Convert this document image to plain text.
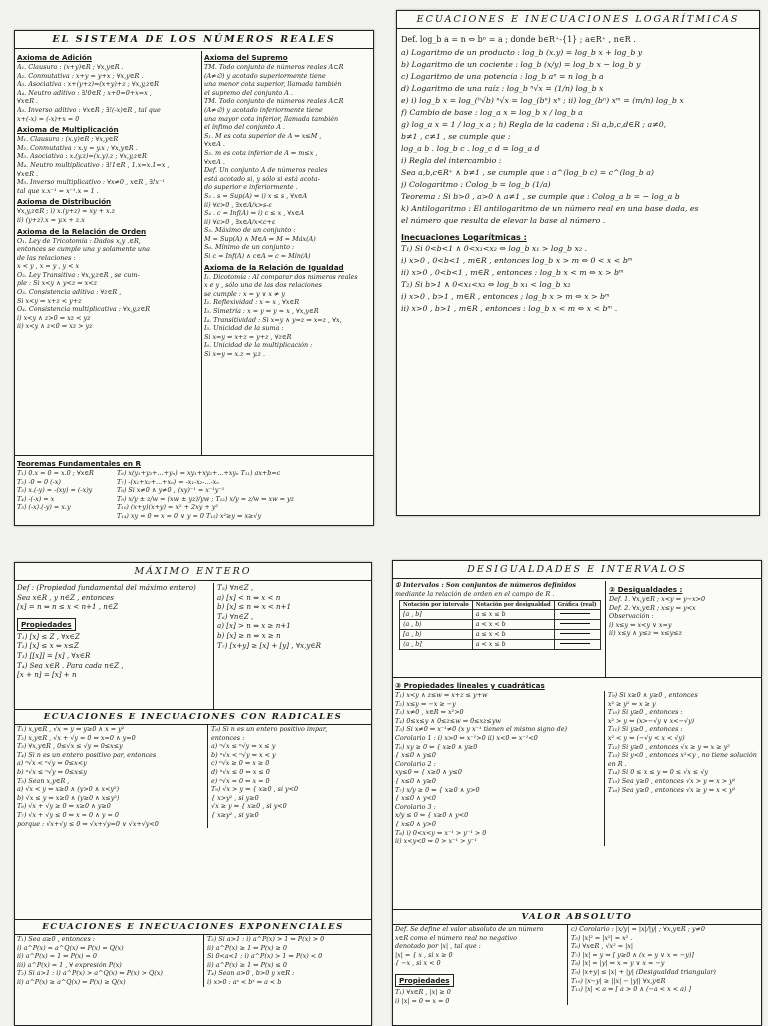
EL SISTEMA DE LOS NÚMEROS REALES
Axioma de Adición
A₁. Clausura : (x+y)∈R ; ∀x,y∈R .
A₂. Conmutativa : x+y = y+x ; ∀x,y∈R .
A₃. Asociativa : x+(y+z)=(x+y)+z ; ∀x,y,z∈R
A₄. Neutro aditivo : ∃!0∈R ; x+0=0+x=x ,
∀x∈R .
A₅. Inverso aditivo : ∀x∈R ; ∃!(-x)∈R , tal que
x+(-x) = (-x)+x = 0
Axioma de Multiplicación
M₁. Clausura : (x.y)∈R ; ∀x,y∈R
M₂. Conmutativa : x.y = y.x ; ∀x,y∈R .
M₃. Asociativa : x.(y.z)=(x.y).z ; ∀x,y,z∈R
M₄. Neutro multiplicativo : ∃!1∈R , 1.x=x.1=x ,
∀x∈R .
M₅. Inverso multiplicativo : ∀x≠0 , x∈R , ∃!x⁻¹
tal que x.x⁻¹ = x⁻¹.x = 1 .
Axioma de Distribución
∀x,y,z∈R ; i) x.(y+z) = xy + x.z
ii) (y+z).x = y.x + z.x
Axioma de la Relación de Orden
O₁. Ley de Tricotomía : Dados x,y .∈R,
entonces se cumple una y solamente una
de las relaciones :
x < y , x = y , y < x
O₂. Ley Transitiva : ∀x,y,z∈R , se cum-
ple : Si x<y ∧ y<z ⇒ x<z
O₃. Consistencia aditiva : ∀z∈R ,
Si x<y ⇒ x+z < y+z
O₄. Consistencia multiplicativa : ∀x,y,z∈R
i) x<y ∧ z>0 ⇒ xz < yz
ii) x<y ∧ z<0 ⇒ xz > yz
Axioma del Supremo
TM. Todo conjunto de números reales A⊂R
(A≠∅) y acotado superiormente tiene
una menor cota superior, llamada también
el supremo del conjunto A .
TM. Todo conjunto de números reales A⊂R
(A≠∅) y acotado inferiormente tiene
una mayor cota inferior, llamada también
el ínfimo del conjunto A .
S₁. M es cota superior de A ⇔ x≤M ,
∀x∈A .
S₂. m es cota inferior de A ⇔ m≤x ,
∀x∈A .
Def. Un conjunto A de números reales
está acotado si, y sólo si está acota-
do superior e inferiormente .
S₃ . s = Sup(A) ⇔ i) x ≤ s , ∀x∈A
ii) ∀ε>0 , ∃x∈A/x>s-ε
S₄ . c = Inf(A) ⇔ i) c ≤ x , ∀x∈A
ii) ∀ε>0 , ∃x∈A/x<c+ε
S₅. Máximo de un conjunto :
M = Sup(A) ∧ M∈A ⇒ M = Máx(A)
S₆. Mínimo de un conjunto :
Si c = Inf(A) ∧ c∈A ⇒ c = Mín(A)
Axioma de la Relación de Igualdad
I₁. Dicotomía : Al comparar dos números reales
x e y , sólo una de las dos relaciones
se cumple : x = y ∨ x ≠ y
I₂. Reflexividad : x = x , ∀x∈R
I₃. Simetría : x = y ⇔ y = x , ∀x,y∈R
I₄. Transitividad : Si x=y ∧ y=z ⇒ x=z , ∀x,
I₅. Unicidad de la suma :
Si x=y ⇒ x+z = y+z , ∀z∈R
I₆. Unicidad de la multiplicación :
Si x=y ⇒ x.z = y.z .
Teoremas Fundamentales en R
T₁) 0.x = 0 = x.0 ; ∀x∈R
T₂) -0 = 0 (-x)
T₃) x.(-y) = -(xy) = (-x)y
T₄) -(-x) = x
T₅) (-x).(-y) = x.y
T₆) x(y₁+y₂+...+yₙ) = xy₁+xy₂+...+xyₙ T₁₁) ax+b=c
T₇) -(x₁+x₂+...+xₙ) = -x₁-x₂-...-xₙ
T₈) Si x≠0 ∧ y≠0 , (xy)⁻¹ = x⁻¹y⁻¹
T₉) x/y ± z/w = (xw ± yz)/yw ; T₁₂) x/y = z/w ⇔ xw = yz
T₁₀) (x+y)(x+y) = x² + 2xy + y²
T₁₄) xy = 0 ⇔ x = 0 ∨ y = 0 T₁₅) x²≥y ⇔ x≥√y
ECUACIONES E INECUACIONES LOGARÍTMICAS
Def. log_b a = n ⇔ bⁿ = a ; donde b∈R⁺-{1} ; a∈R⁺ , n∈R .
a) Logaritmo de un producto : log_b (x.y) = log_b x + log_b y
b) Logaritmo de un cociente : log_b (x/y) = log_b x − log_b y
c) Logaritmo de una potencia : log_b aⁿ = n log_b a
d) Logaritmo de una raíz : log_b ⁿ√x = (1/n) log_b x
e) i) log_b x = log_(ⁿ√b) ⁿ√x = log_(bⁿ) xⁿ ; ii) log_(bⁿ) xᵐ = (m/n) log_b x
f) Cambio de base : log_a x = log_b x / log_b a
g) log_a x = 1 / log_x a ; h) Regla de la cadena : Si a,b,c,d∈R ; a≠0,
b≠1 , c≠1 , se cumple que :
log_a b . log_b c . log_c d = log_a d
i) Regla del intercambio :
Sea a,b,c∈R⁺ ∧ b≠1 , se cumple que : a^(log_b c) = c^(log_b a)
j) Cologaritmo : Colog_b = log_b (1/a)
Teorema : Si b>0 , a>0 ∧ a≠1 , se cumple que : Colog_a b = − log_a b
k) Antilogaritmo : El antilogaritmo de un número real en una base dada, es
el número que resulta de elevar la base al número .
Inecuaciones Logarítmicas :
T₁) Si 0<b<1 ∧ 0<x₁<x₂ ⇔ log_b x₁ > log_b x₂ .
i) x>0 , 0<b<1 , m∈R , entonces log_b x > m ⇔ 0 < x < bᵐ
ii) x>0 , 0<b<1 , m∈R , entonces : log_b x < m ⇔ x > bᵐ
T₂) Si b>1 ∧ 0<x₁<x₂ ⇔ log_b x₁ < log_b x₂
i) x>0 , b>1 , m∈R , entonces ; log_b x > m ⇔ x > bᵐ
ii) x>0 , b>1 , m∈R , entonces : log_b x < m ⇔ x < bᵐ .
MÁXIMO ENTERO
Def : (Propiedad fundamental del máximo entero)
Sea x∈R , y n∈Z , entonces
[x] = n ⇔ n ≤ x < n+1 , n∈Z
Propiedades
T₁) [x] ≤ Z , ∀x∈Z
T₂) [x] ≤ x ⇔ x≤Z
T₃) [[x]] = [x] , ∀x∈R
T₄) Sea x∈R . Para cada n∈Z ,
[x + n] = [x] + n
T₅) ∀n∈Z ,
a) [x] < n ⇔ x < n
b) [x] ≤ n ⇔ x < n+1
T₆) ∀n∈Z ,
a) [x] > n ⇔ x ≥ n+1
b) [x] ≥ n ⇔ x ≥ n
T₇) [x+y] ≥ [x] + [y] , ∀x,y∈R
ECUACIONES E INECUACIONES CON RADICALES
T₁) x,y∈R , √x = y ⇔ y≥0 ∧ x = y²
T₂) x,y∈R , √x + √y = 0 ⇔ x=0 ∧ y=0
T₃) ∀x,y∈R , 0≤√x ≤ √y ⇔ 0≤x≤y
T₄) Si n es un entero positivo par, entonces
a) ⁿ√x < ⁿ√y ⇔ 0≤x<y
b) ⁿ√x ≤ ⁿ√y ⇔ 0≤x≤y
T₅) Sean x,y∈R ,
a) √x < y ⇔ x≥0 ∧ (y>0 ∧ x<y²)
b) √x ≤ y ⇔ x≥0 ∧ (y≥0 ∧ x≤y²)
T₆) √x + √y ≥ 0 ⇔ x≥0 ∧ y≥0
T₇) √x + √y ≤ 0 ⇔ x = 0 ∧ y = 0
porque : √x+√y ≤ 0 ⇔ √x+√y=0 ∨ √x+√y<0
T₈) Si n es un entero positivo impar,
entonces :
a) ⁿ√x ≤ ⁿ√y ⇔ x ≤ y
b) ⁿ√x < ⁿ√y ⇔ x < y
c) ⁿ√x ≥ 0 ⇔ x ≥ 0
d) ⁿ√x ≤ 0 ⇔ x ≤ 0
e) ⁿ√x = 0 ⇔ x = 0
T₉) √x > y ⇔ { x≥0 , si y<0
{ x>y² , si y≥0
√x ≥ y ⇔ { x≥0 , si y<0
{ x≥y² , si y≥0
ECUACIONES E INECUACIONES EXPONENCIALES
T₁) Sea a≥0 , entonces :
i) a^P(x) = a^Q(x) ⇔ P(x) = Q(x)
ii) a^P(x) = 1 ⇔ P(x) = 0
iii) a^P(x) = 1 , ∀ expresión P(x)
T₂) Si a>1 : i) a^P(x) > a^Q(x) ⇔ P(x) > Q(x)
ii) a^P(x) ≥ a^Q(x) ⇔ P(x) ≥ Q(x)
T₃) Si a>1 : i) a^P(x) > 1 ⇔ P(x) > 0
ii) a^P(x) ≥ 1 ⇔ P(x) ≥ 0
Si 0<a<1 : i) a^P(x) > 1 ⇔ P(x) < 0
ii) a^P(x) ≥ 1 ⇔ P(x) ≤ 0
T₄) Sean a>0 , b>0 y x∈R :
i) x>0 : aˣ < bˣ ⇔ a < b
DESIGUALDADES E INTERVALOS
① Intervalos : Son conjuntos de números definidos
mediante la relación de orden en el campo de R .
Notación por intervalo	Notación por desigualdad	Gráfica (real)
[a , b]	a ≤ x ≤ b	
⟨a , b⟩	a < x < b	
[a , b⟩	a ≤ x < b	
⟨a , b]	a < x ≤ b	
② Desigualdades :
Def. 1. ∀x,y∈R ; x<y ⇔ y−x>0
Def. 2. ∀x,y∈R ; x≤y ⇔ y<x
Observación :
i) x≤y ⇔ x<y ∨ x=y
ii) x≤y ∧ y≤z ⇔ x≤y≤z
③ Propiedades lineales y cuadráticas
T₁) x<y ∧ z≤w ⇒ x+z ≤ y+w
T₂) x≤y ⇔ −x ≥ −y
T₃) x≠0 , x∈R ⇔ x²>0
T₄) 0≤x≤y ∧ 0≤z≤w ⇒ 0≤xz≤yw
T₅) Si x≠0 ⇔ x⁻¹≠0 (x y x⁻¹ tienen el mismo signo de)
Corolario 1 : i) x>0 ⇔ x⁻¹>0 ii) x<0 ⇔ x⁻¹<0
T₆) xy ≥ 0 ⇔ { x≥0 ∧ y≥0
{ x≤0 ∧ y≤0
Corolario 2 :
xy≤0 ⇔ { x≥0 ∧ y≤0
{ x≤0 ∧ y≥0
T₇) x/y ≥ 0 ⇔ { x≥0 ∧ y>0
{ x≤0 ∧ y<0
Corolario 3 :
x/y ≤ 0 ⇔ { x≥0 ∧ y<0
{ x≤0 ∧ y>0
T₈) i) 0<x<y ⇔ x⁻¹ > y⁻¹ > 0
ii) x<y<0 ⇔ 0 > x⁻¹ > y⁻¹
T₉) Si x≥0 ∧ y≥0 , entonces
x² ≥ y² ⇔ x ≥ y
T₁₀) Si y≥0 , entonces :
x² > y ⇔ (x>−√y ∨ x<−√y)
T₁₁) Si y≥0 , entonces :
x² < y ⇔ (−√y < x < √y)
T₁₂) Si y≥0 , entonces √x ≥ y ⇔ x ≥ y²
T₁₃) Si y<0 , entonces x²<y , no tiene solución
en R .
T₁₄) Si 0 ≤ x ≤ y ⇔ 0 ≤ √x ≤ √y
T₁₅) Sea y≥0 , entonces √x > y ⇔ x > y²
T₁₆) Sea y≥0 , entonces √x ≥ y ⇔ x < y²
VALOR ABSOLUTO
Def. Se define el valor absoluto de un número
x∈R como el número real no negativo
denotado por |x| , tal que :
|x| = { x , si x ≥ 0
{ −x , si x < 0
Propiedades
T₁) ∀x∈R , |x| ≥ 0
i) |x| = 0 ⇔ x = 0
c) Corolario : |x/y| = |x|/|y| ; ∀x,y∈R ; y≠0
T₅) |x|² = |x²| = x² .
T₆) ∀x∈R , √x² = |x|
T₇) |x| = y ⇔ [ y≥0 ∧ (x = y ∨ x = −y)]
T₈) |x| = |y| ⇔ x = y ∨ x = −y
T₉) |x+y| ≤ |x| + |y| (Desigualdad triangular)
T₁₀) |x−y| ≥ ||x| − |y|| ∀x,y∈R
T₁₁) |x| < a ⇔ [ a > 0 ∧ (−a < x < a) ]
